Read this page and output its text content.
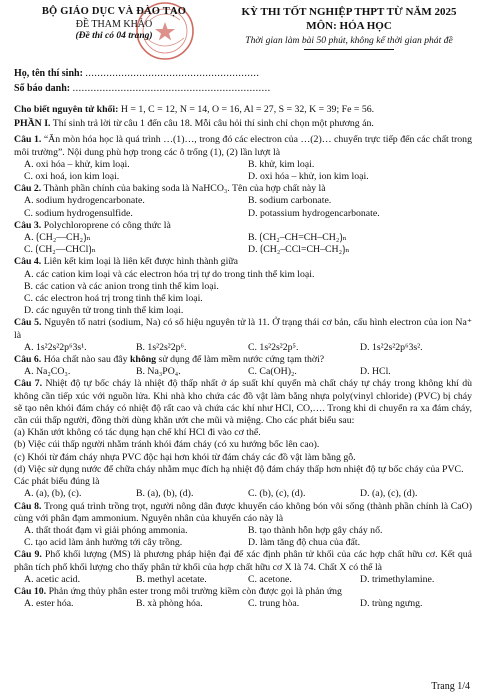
BỘ GIÁO DỤC VÀ ĐÀO TẠO
ĐỀ THAM KHẢO
(Đề thi có 04 trang)
KỲ THI TỐT NGHIỆP THPT TỪ NĂM 2025
MÔN: HÓA HỌC
Thời gian làm bài 50 phút, không kể thời gian phát đề
Họ, tên thí sinh: ..........................................................
Số báo danh: ..................................................................

Cho biết nguyên tử khối: H = 1, C = 12, N = 14, O = 16, Al = 27, S = 32, K = 39; Fe = 56.

PHẦN I. Thí sinh trả lời từ câu 1 đến câu 18. Mỗi câu hỏi thí sinh chỉ chọn một phương án.

Câu 1. “Ăn mòn hóa học là quá trình …(1)…, trong đó các electron của …(2)… chuyển trực tiếp đến các chất trong môi trường”. Nội dung phù hợp trong các ô trống (1), (2) lần lượt là

A. oxi hóa – khử, kim loại.	B. khử, kim loại.
C. oxi hoá, ion kim loại.	D. oxi hóa – khử, ion kim loại.

Câu 2. Thành phần chính của baking soda là NaHCO₃. Tên của hợp chất này là

A. sodium hydrogencarbonate.	B. sodium carbonate.
C. sodium hydrogensulfide.	D. potassium hydrogencarbonate.

Câu 3. Polychloroprene có công thức là

A. ⟮CH₂—CH₂⟯ₙ	B. ⟮CH₂–CH=CH–CH₂⟯ₙ
C. ⟮CH₂—CHCl⟯ₙ	D. ⟮CH₂–CCl=CH–CH₂⟯ₙ

Câu 4. Liên kết kim loại là liên kết được hình thành giữa

A. các cation kim loại và các electron hóa trị tự do trong tinh thể kim loại.

B. các cation và các anion trong tinh thể kim loại.

C. các electron hoá trị trong tinh thể kim loại.

D. các nguyên tử trong tinh thể kim loại.

Câu 5. Nguyên tố natri (sodium, Na) có số hiệu nguyên tử là 11. Ở trạng thái cơ bản, cấu hình electron của ion Na⁺ là

A. 1s²2s²2p⁶3s¹.	B. 1s²2s²2p⁶.	C. 1s²2s²2p⁵.	D. 1s²2s²2p⁶3s².

Câu 6. Hóa chất nào sau đây không sử dụng để làm mềm nước cứng tạm thời?

A. Na₂CO₃.	B. Na₃PO₄.	C. Ca(OH)₂.	D. HCl.

Câu 7. Nhiệt độ tự bốc cháy là nhiệt độ thấp nhất ở áp suất khí quyển mà chất cháy tự cháy trong không khí dù không cần tiếp xúc với nguồn lửa. Khi nhà kho chứa các đồ vật làm bằng nhựa poly(vinyl chloride) (PVC) bị cháy sẽ tạo nên khói đám cháy có nhiệt độ rất cao và chứa các khí như HCl, CO,…. Trong khi di chuyển ra xa đám cháy, cần cúi thấp người, đồng thời dùng khăn ướt che mũi và miệng. Cho các phát biểu sau:

(a) Khăn ướt không có tác dụng hạn chế khí HCl đi vào cơ thể.

(b) Việc cúi thấp người nhằm tránh khói đám cháy (có xu hướng bốc lên cao).

(c) Khói từ đám cháy nhựa PVC độc hại hơn khói từ đám cháy các đồ vật làm bằng gỗ.

(d) Việc sử dụng nước để chữa cháy nhằm mục đích hạ nhiệt độ đám cháy thấp hơn nhiệt độ tự bốc cháy của PVC.

Các phát biểu đúng là

A. (a), (b), (c).	B. (a), (b), (d).	C. (b), (c), (d).	D. (a), (c), (d).

Câu 8. Trong quá trình trồng trọt, người nông dân được khuyến cáo không bón vôi sống (thành phần chính là CaO) cùng với phân đạm ammonium. Nguyên nhân của khuyến cáo này là

A. thất thoát đạm vì giải phóng ammonia.	B. tạo thành hỗn hợp gây cháy nổ.
C. tạo acid làm ảnh hưởng tới cây trồng.	D. làm tăng độ chua của đất.

Câu 9. Phổ khối lượng (MS) là phương pháp hiện đại để xác định phân tử khối của các hợp chất hữu cơ. Kết quả phân tích phổ khối lượng cho thấy phân tử khối của hợp chất hữu cơ X là 74. Chất X có thể là

A. acetic acid.	B. methyl acetate.	C. acetone.	D. trimethylamine.

Câu 10. Phản ứng thủy phân ester trong môi trường kiềm còn được gọi là phản ứng

A. ester hóa.	B. xà phòng hóa.	C. trung hòa.	D. trùng ngưng.
Trang 1/4
